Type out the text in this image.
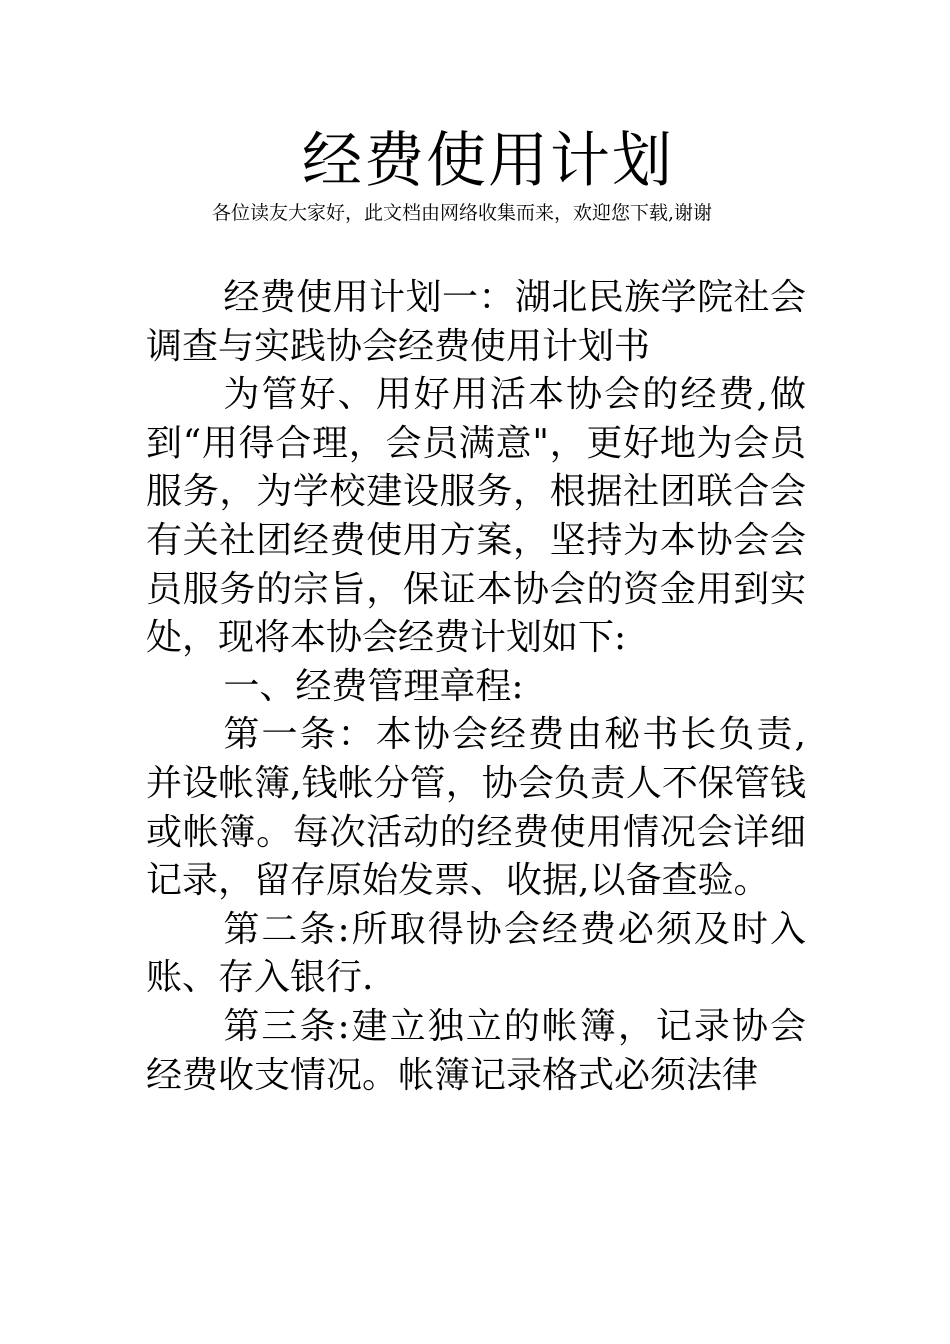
经费使用计划
各位读友大家好，此文档由网络收集而来，欢迎您下载,谢谢

经费使用计划一：湖北民族学院社会调查与实践协会经费使用计划书

为管好、用好用活本协会的经费,做到“用得合理，会员满意"，更好地为会员服务，为学校建设服务，根据社团联合会有关社团经费使用方案，坚持为本协会会员服务的宗旨，保证本协会的资金用到实处，现将本协会经费计划如下:

一、经费管理章程:

第一条：本协会经费由秘书长负责,并设帐簿,钱帐分管，协会负责人不保管钱或帐簿。每次活动的经费使用情况会详细记录，留存原始发票、收据,以备查验。

第二条:所取得协会经费必须及时入账、存入银行.

第三条:建立独立的帐簿，记录协会经费收支情况。帐簿记录格式必须法律
